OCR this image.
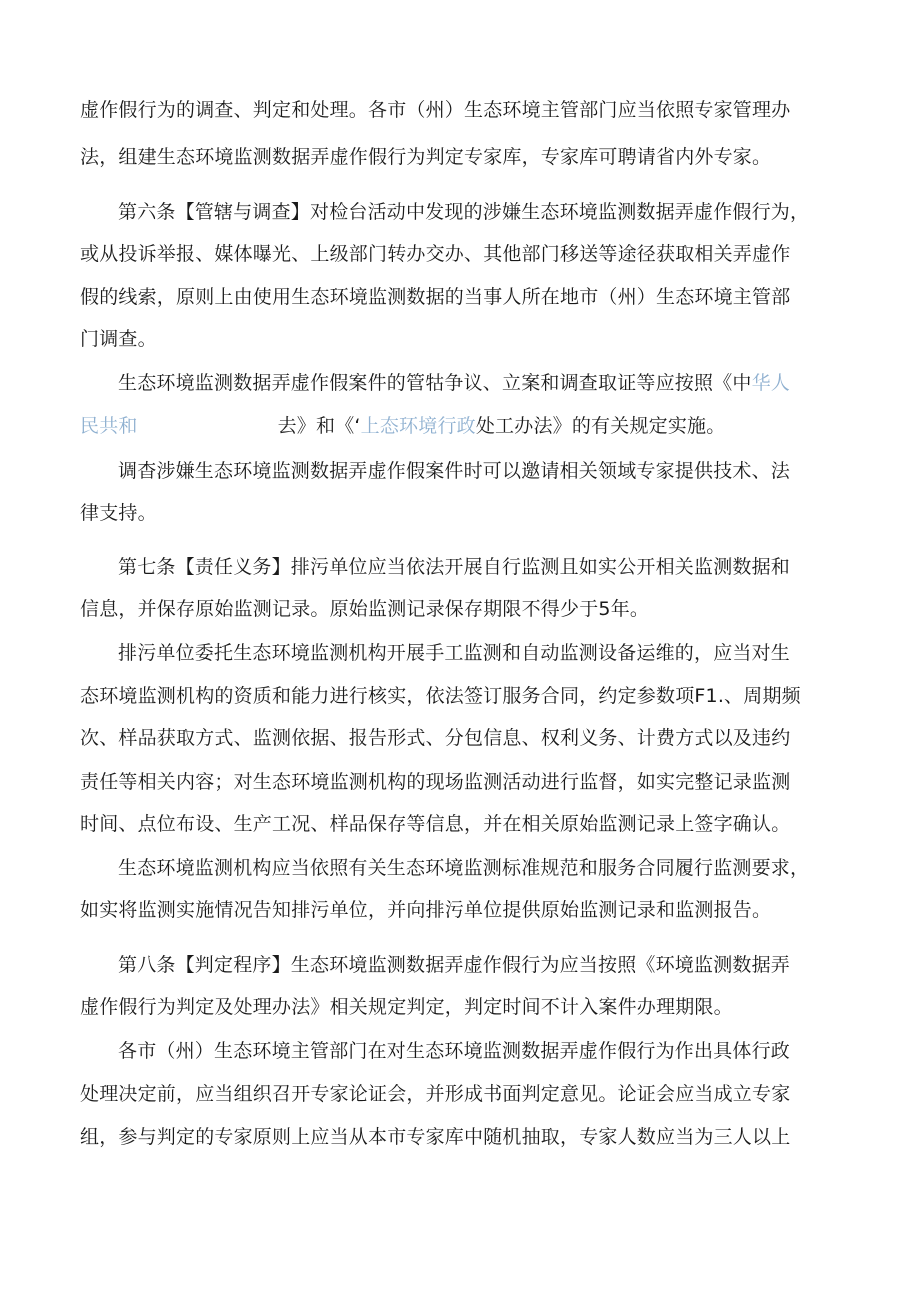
虚作假行为的调查、判定和处理。各市（州）生态环境主管部门应当依照专家管理办
法，组建生态环境监测数据弄虚作假行为判定专家库，专家库可聘请省内外专家。
第六条【管辖与调查】对检台活动中发现的涉嫌生态环境监测数据弄虚作假行为，
或从投诉举报、媒体曝光、上级部门转办交办、其他部门移送等途径获取相关弄虚作
假的线索，原则上由使用生态环境监测数据的当事人所在地市（州）生态环境主管部
门调查。
生态环境监测数据弄虚作假案件的管牯争议、立案和调查取证等应按照《中华人
民共和	去》和《‘上态环境行政处工办法》的有关规定实施。
调杳涉嫌生态环境监测数据弄虚作假案件时可以邀请相关领域专家提供技术、法
律支持。
第七条【责任义务】排污单位应当依法开展自行监测且如实公开相关监测数据和
信息，并保存原始监测记录。原始监测记录保存期限不得少于5年。
排污单位委托生态环境监测机构开展手工监测和自动监测设备运维的，应当对生
态环境监测机构的资质和能力进行核实，依法签订服务合同，约定参数项F1.、周期频
次、样品获取方式、监测依据、报告形式、分包信息、权利义务、计费方式以及违约
责任等相关内容；对生态环境监测机构的现场监测活动进行监督，如实完整记录监测
时间、点位布设、生产工况、样品保存等信息，并在相关原始监测记录上签字确认。
生态环境监测机构应当依照有关生态环境监测标准规范和服务合同履行监测要求，
如实将监测实施情况告知排污单位，并向排污单位提供原始监测记录和监测报告。
第八条【判定程序】生态环境监测数据弄虚作假行为应当按照《环境监测数据弄
虚作假行为判定及处理办法》相关规定判定，判定时间不计入案件办理期限。
各市（州）生态环境主管部门在对生态环境监测数据弄虚作假行为作出具体行政
处理决定前，应当组织召开专家论证会，并形成书面判定意见。论证会应当成立专家
组，参与判定的专家原则上应当从本市专家库中随机抽取，专家人数应当为三人以上
